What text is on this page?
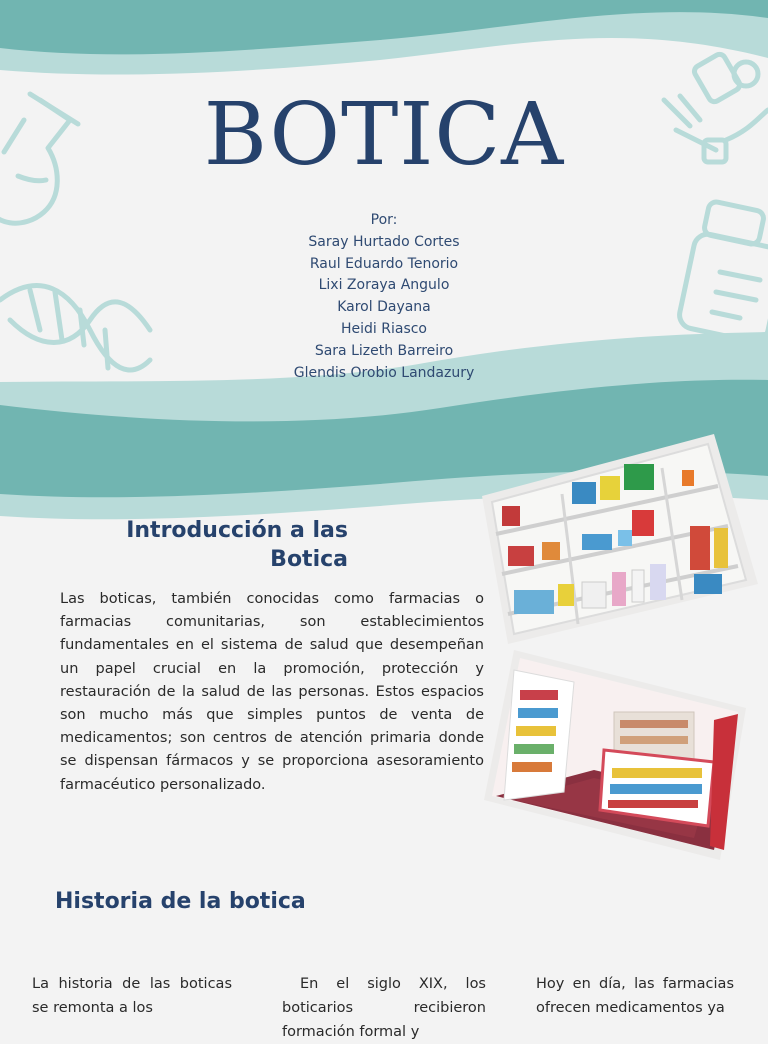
BOTICA
Por:
Saray Hurtado Cortes
Raul Eduardo Tenorio
Lixi Zoraya Angulo
Karol Dayana
Heidi Riasco
Sara Lizeth Barreiro
Glendis Orobio Landazury
Introducción a las
Botica

Las boticas, también conocidas como farmacias o farmacias comunitarias, son establecimientos fundamentales en el sistema de salud que desempeñan un papel crucial en la promoción, protección y restauración de la salud de las personas. Estos espacios son mucho más que simples puntos de venta de medicamentos; son centros de atención primaria donde se dispensan fármacos y se proporciona asesoramiento farmacéutico personalizado.

Historia de la botica

La historia de las boticas se remonta a los

En el siglo XIX, los boticarios recibieron formación formal y

Hoy en día, las farmacias ofrecen medicamentos ya
